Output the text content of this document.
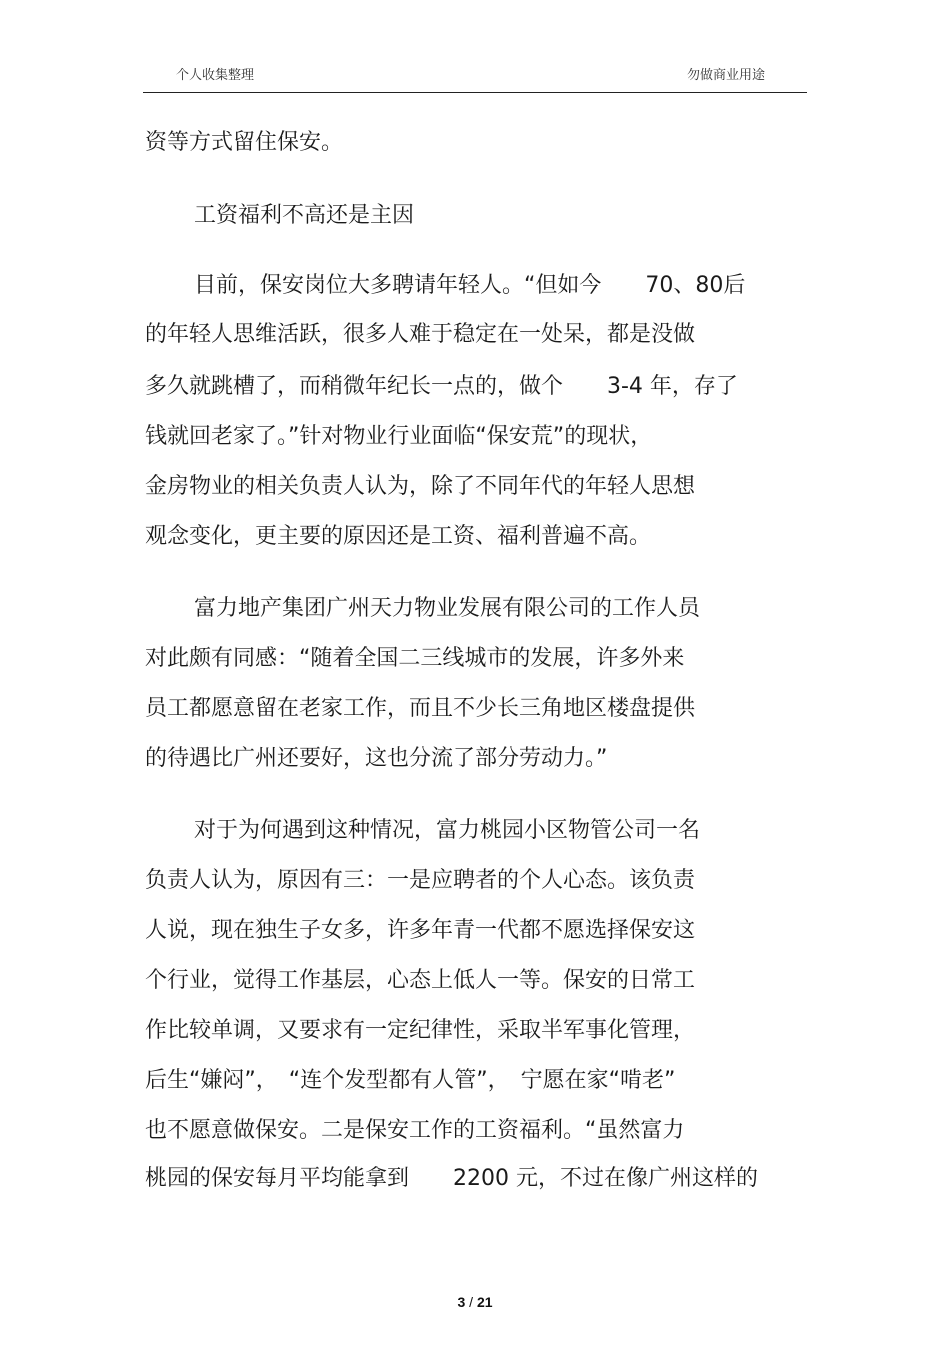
个人收集整理	勿做商业用途
资等方式留住保安。
工资福利不高还是主因
目前，保安岗位大多聘请年轻人。“但如今　　70、80后
的年轻人思维活跃，很多人难于稳定在一处呆，都是没做
多久就跳槽了，而稍微年纪长一点的，做个　　3-4 年，存了
钱就回老家了。”针对物业行业面临“保安荒”的现状，
金房物业的相关负责人认为，除了不同年代的年轻人思想
观念变化，更主要的原因还是工资、福利普遍不高。
富力地产集团广州天力物业发展有限公司的工作人员
对此颇有同感：“随着全国二三线城市的发展，许多外来
员工都愿意留在老家工作，而且不少长三角地区楼盘提供
的待遇比广州还要好，这也分流了部分劳动力。”
对于为何遇到这种情况，富力桃园小区物管公司一名
负责人认为，原因有三：一是应聘者的个人心态。该负责
人说，现在独生子女多，许多年青一代都不愿选择保安这
个行业，觉得工作基层，心态上低人一等。保安的日常工
作比较单调，又要求有一定纪律性，采取半军事化管理，
后生“嫌闷”，　“连个发型都有人管”，　宁愿在家“啃老”
也不愿意做保安。二是保安工作的工资福利。“虽然富力
桃园的保安每月平均能拿到　　2200 元，不过在像广州这样的
3 / 21
